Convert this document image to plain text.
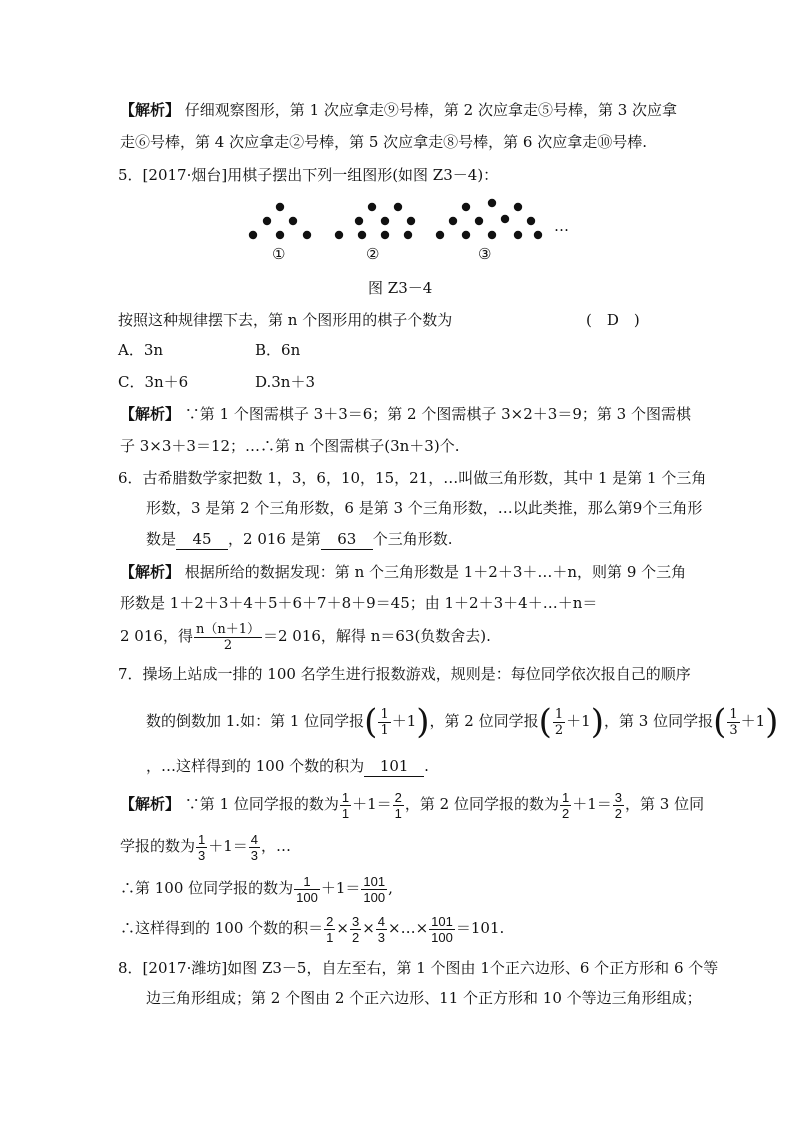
【解析】 仔细观察图形，第 1 次应拿走⑨号棒，第 2 次应拿走⑤号棒，第 3 次应拿
走⑥号棒，第 4 次应拿走②号棒，第 5 次应拿走⑧号棒，第 6 次应拿走⑩号棒.
5．[2017·烟台]用棋子摆出下列一组图形(如图 Z3－4)：
…
①	②	③
图 Z3－4
按照这种规律摆下去，第 n 个图形用的棋子个数为	(　D　)
A．3n	B．6n
C．3n＋6	D.3n＋3
【解析】 ∵第 1 个图需棋子 3＋3＝6；第 2 个图需棋子 3×2＋3＝9；第 3 个图需棋
子 3×3＋3＝12；…∴第 n 个图需棋子(3n＋3)个.
6．古希腊数学家把数 1，3，6，10，15，21，…叫做三角形数，其中 1 是第 1 个三角
形数，3 是第 2 个三角形数，6 是第 3 个三角形数，…以此类推，那么第9个三角形
数是 45 ，2 016 是第 63 个三角形数.
【解析】 根据所给的数据发现：第 n 个三角形数是 1＋2＋3＋…＋n，则第 9 个三角
形数是 1＋2＋3＋4＋5＋6＋7＋8＋9＝45；由 1＋2＋3＋4＋…＋n＝
2 016，得 $\frac{n(n+1)}{2} =2$ 016，解得 n＝63(负数舍去).
7．操场上站成一排的 100 名学生进行报数游戏，规则是：每位同学依次报自己的顺序
数的倒数加 1.如：第 1 位同学报( $\frac{1}{1} +1$)，第 2 位同学报( $\frac{1}{2} +1$)，第 3 位同学报( $\frac{1}{3} +1$)
，…这样得到的 100 个数的积为 101 .
【解析】 ∵第 1 位同学报的数为 $\frac{1}{1} +1= \frac{2}{1}$ ，第 2 位同学报的数为 $\frac{1}{2} +1= \frac{3}{2}$ ，第 3 位同
学报的数为 $\frac{1}{3} +1= \frac{4}{3}$ ，…
∴第 100 位同学报的数为 $\frac{1}{100} +1= \frac{101}{100}$ ,
∴这样得到的 100 个数的积＝ $\frac{2}{1} \times \frac{3}{2} \times \frac{4}{3}$ ×…× $\frac{101}{100} =101$.
8．[2017·潍坊]如图 Z3－5，自左至右，第 1 个图由 1个正六边形、6 个正方形和 6 个等
边三角形组成；第 2 个图由 2 个正六边形、11 个正方形和 10 个等边三角形组成；
